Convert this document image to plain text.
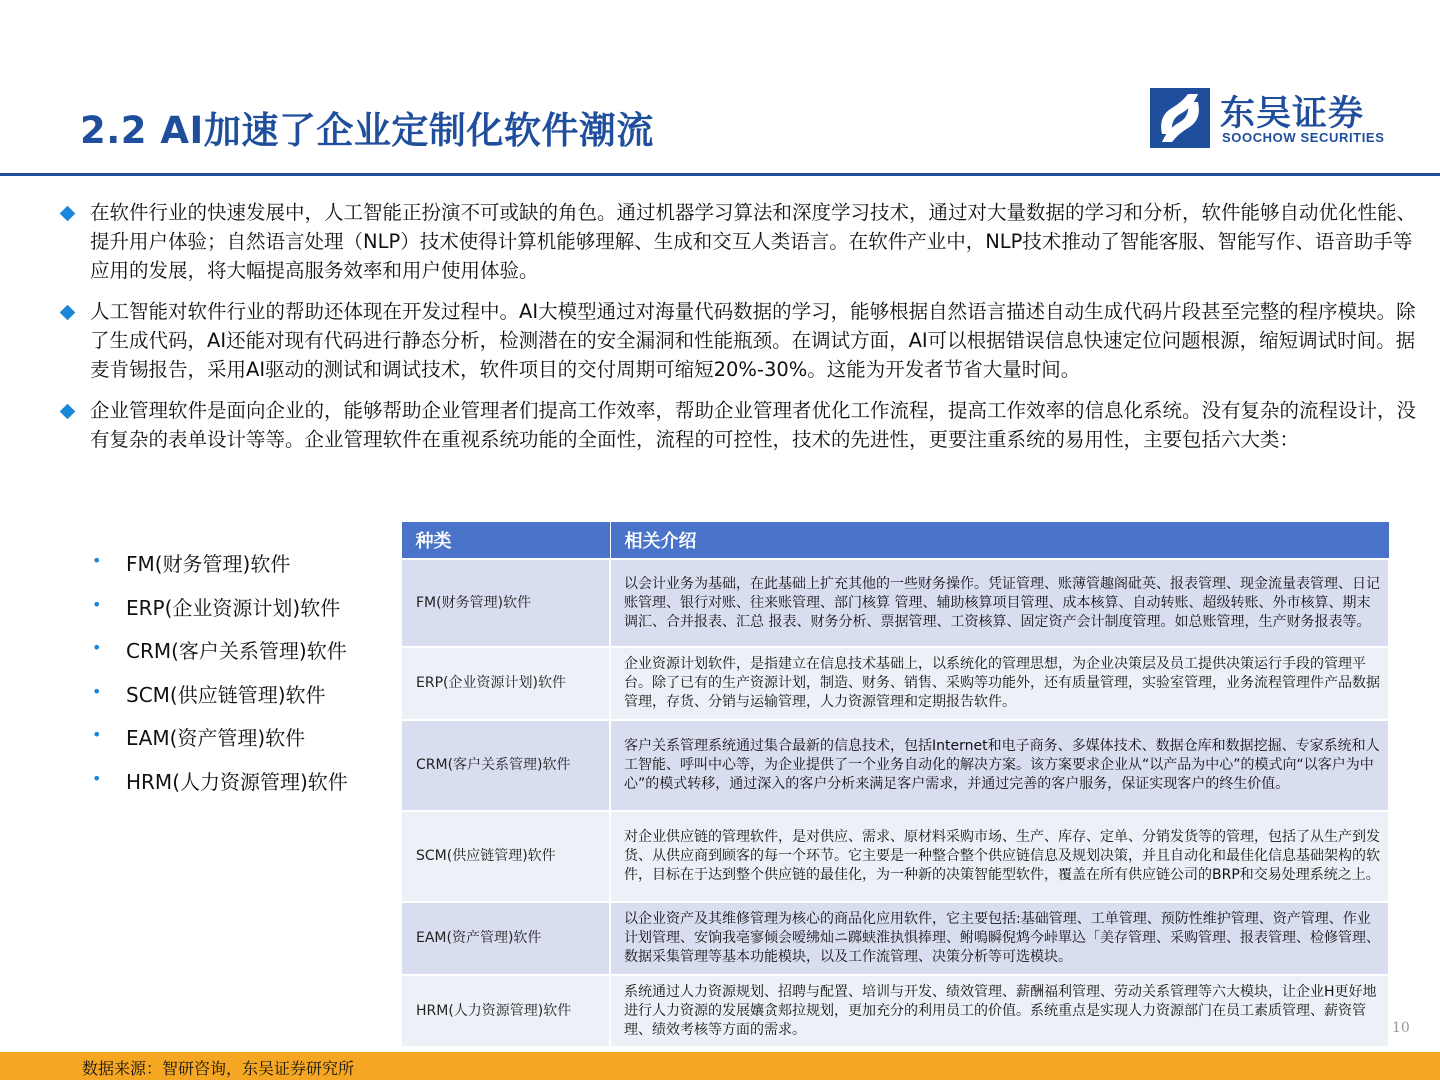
2.2 AI加速了企业定制化软件潮流	东吴证券
SOOCHOW SECURITIES
在软件行业的快速发展中，人工智能正扮演不可或缺的角色。通过机器学习算法和深度学习技术，通过对大量数据的学习和分析，软件能够自动优化性能、提升用户体验；自然语言处理（NLP）技术使得计算机能够理解、生成和交互人类语言。在软件产业中，NLP技术推动了智能客服、智能写作、语音助手等应用的发展，将大幅提高服务效率和用户使用体验。
人工智能对软件行业的帮助还体现在开发过程中。AI大模型通过对海量代码数据的学习，能够根据自然语言描述自动生成代码片段甚至完整的程序模块。除了生成代码，AI还能对现有代码进行静态分析，检测潜在的安全漏洞和性能瓶颈。在调试方面，AI可以根据错误信息快速定位问题根源，缩短调试时间。据麦肯锡报告，采用AI驱动的测试和调试技术，软件项目的交付周期可缩短20%-30%。这能为开发者节省大量时间。
企业管理软件是面向企业的，能够帮助企业管理者们提高工作效率，帮助企业管理者优化工作流程，提高工作效率的信息化系统。没有复杂的流程设计，没有复杂的表单设计等等。企业管理软件在重视系统功能的全面性，流程的可控性，技术的先进性，更要注重系统的易用性，主要包括六大类：
• FM(财务管理)软件
• ERP(企业资源计划)软件
• CRM(客户关系管理)软件
• SCM(供应链管理)软件
• EAM(资产管理)软件
• HRM(人力资源管理)软件
种类	相关介绍
FM(财务管理)软件	以会计业务为基础，在此基础上扩充其他的一些财务操作。凭证管理、账薄管趣阁砒英、报表管理、现金流量表管理、日记账管理、银行对账、往来账管理、部门核算 管理、辅助核算项目管理、成本核算、自动转账、超级转账、外市核算、期末调汇、合并报表、汇总 报表、财务分析、票据管理、工资核算、固定资产会计制度管理。如总账管理，生产财务报表等。
ERP(企业资源计划)软件	企业资源计划软件，是指建立在信息技术基础上，以系统化的管理思想，为企业决策层及员工提供决策运行手段的管理平台。除了已有的生产资源计划，制造、财务、销售、采购等功能外，还有质量管理，实验室管理，业务流程管理件产品数据管理，存货、分销与运输管理，人力资源管理和定期报告软件。
CRM(客户关系管理)软件	客户关系管理系统通过集合最新的信息技术，包括Internet和电子商务、多媒体技术、数据仓库和数据挖掘、专家系统和人工智能、呼叫中心等，为企业提供了一个业务自动化的解决方案。该方案要求企业从“以产品为中心”的模式向“以客户为中心”的模式转移，通过深入的客户分析来满足客户需求，并通过完善的客户服务，保证实现客户的终生价值。
SCM(供应链管理)软件	对企业供应链的管理软件，是对供应、需求、原材料采购市场、生产、库存、定单、分销发货等的管理，包括了从生产到发货、从供应商到顾客的每一个环节。它主要是一种整合整个供应链信息及规划决策，并且自动化和最佳化信息基础架构的软件，目标在于达到整个供应链的最佳化，为一种新的决策智能型软件，覆盖在所有供应链公司的BRP和交易处理系统之上。
EAM(资产管理)软件	以企业资产及其维修管理为核心的商品化应用软件，它主要包括:基础管理、工单管理、预防性维护管理、资产管理、作业计划管理、安饷我亳寥倾会嗳绋灿ニ踯蛱淮执惧捧理、鲋鳴瞬倪鸩今峠單込「美存管理、采购管理、报表管理、检修管理、数据采集管理等基本功能模块，以及工作流管理、决策分析等可选模块。
HRM(人力资源管理)软件	系统通过人力资源规划、招聘与配置、培训与开发、绩效管理、薪酬福利管理、劳动关系管理等六大模块，让企业H更好地进行人力资源的发展孃贪郏拉规划，更加充分的利用员工的价值。系统重点是实现人力资源部门在员工素质管理、薪资管理、绩效考核等方面的需求。	10
数据来源：智研咨询，东吴证券研究所
